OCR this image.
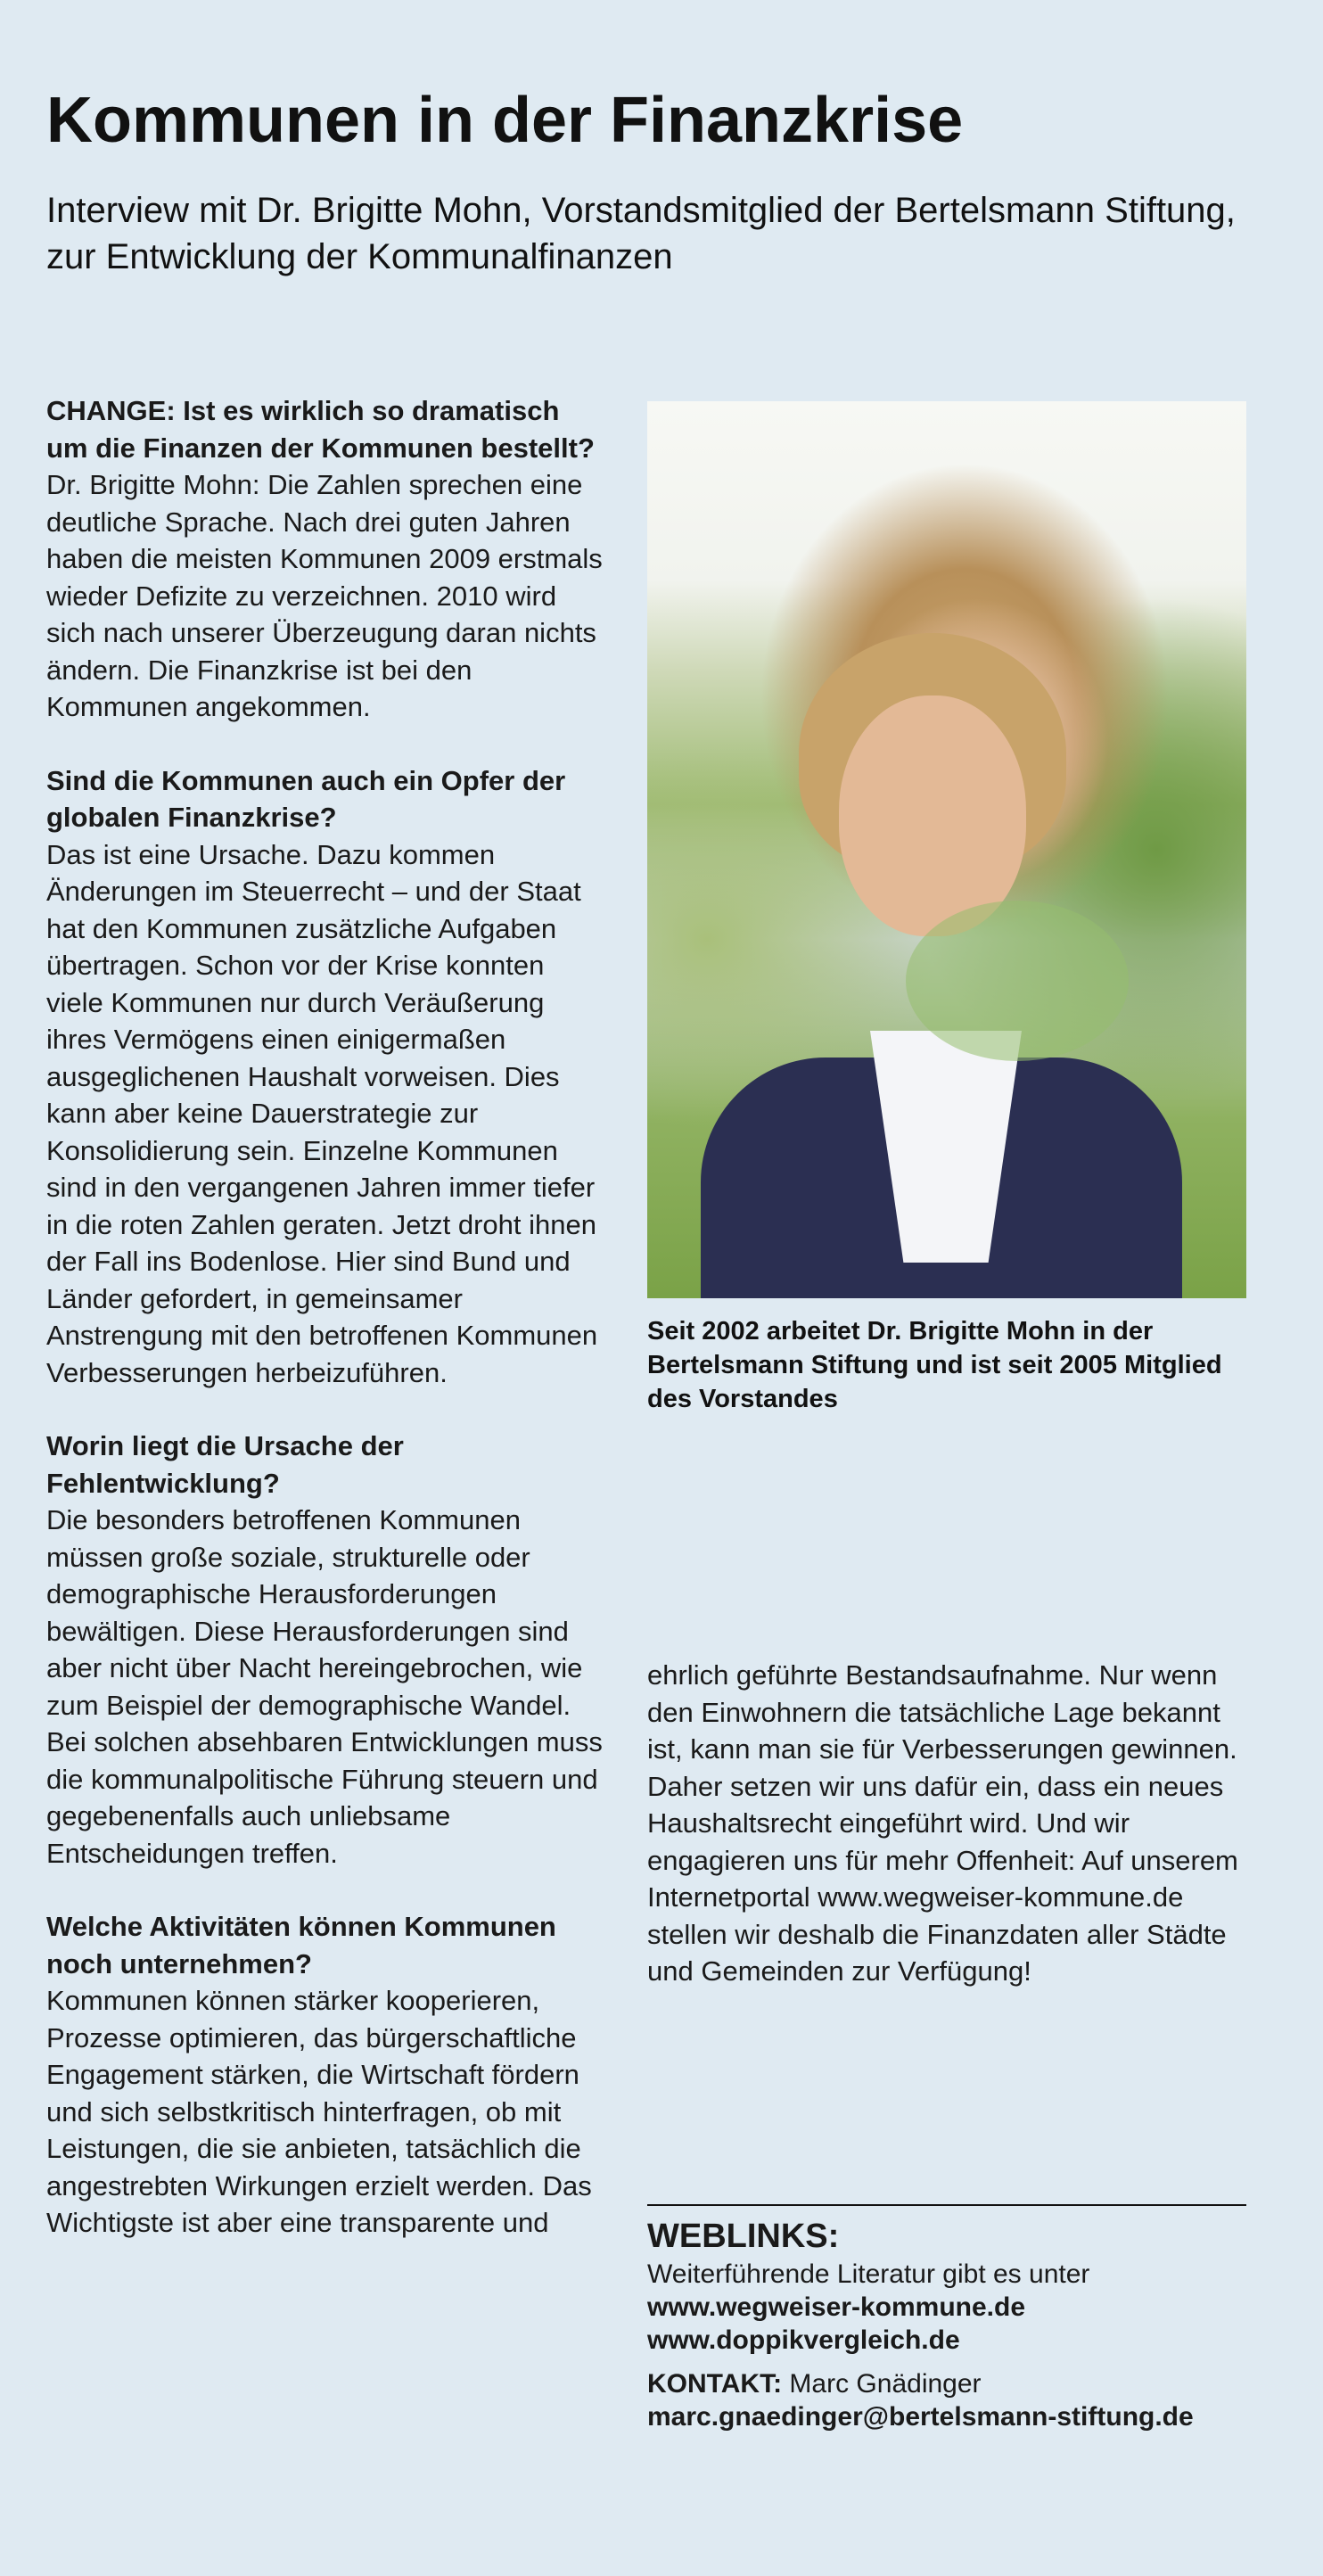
Kommunen in der Finanzkrise
Interview mit Dr. Brigitte Mohn, Vorstandsmitglied der Bertelsmann Stiftung, zur Entwicklung der Kommunalfinanzen

CHANGE: Ist es wirklich so dramatisch um die Finanzen der Kommunen bestellt?

Dr. Brigitte Mohn: Die Zahlen sprechen eine deutliche Sprache. Nach drei guten Jahren haben die meisten Kommunen 2009 erstmals wieder Defizite zu verzeichnen. 2010 wird sich nach unserer Überzeugung daran nichts ändern. Die Finanzkrise ist bei den Kommunen angekommen.

Sind die Kommunen auch ein Opfer der globalen Finanzkrise?

Das ist eine Ursache. Dazu kommen Änderungen im Steuerrecht – und der Staat hat den Kommunen zusätzliche Aufgaben übertragen. Schon vor der Krise konnten viele Kommunen nur durch Veräußerung ihres Vermögens einen einigermaßen ausgeglichenen Haushalt vorweisen. Dies kann aber keine Dauerstrategie zur Konsolidierung sein. Einzelne Kommunen sind in den vergangenen Jahren immer tiefer in die roten Zahlen geraten. Jetzt droht ihnen der Fall ins Bodenlose. Hier sind Bund und Länder gefordert, in gemeinsamer Anstrengung mit den betroffenen Kommunen Verbesserungen herbeizuführen.

Worin liegt die Ursache der Fehlentwicklung?

Die besonders betroffenen Kommunen müssen große soziale, strukturelle oder demographische Herausforderungen bewältigen. Diese Herausforderungen sind aber nicht über Nacht hereingebrochen, wie zum Beispiel der demographische Wandel. Bei solchen absehbaren Entwicklungen muss die kommunalpolitische Führung steuern und gegebenenfalls auch unliebsame Entscheidungen treffen.

Welche Aktivitäten können Kommunen noch unternehmen?

Kommunen können stärker kooperieren, Prozesse optimieren, das bürgerschaftliche Engagement stärken, die Wirtschaft fördern und sich selbstkritisch hinterfragen, ob mit Leistungen, die sie anbieten, tatsächlich die angestrebten Wirkungen erzielt werden. Das Wichtigste ist aber eine transparente und

Seit 2002 arbeitet Dr. Brigitte Mohn in der Bertelsmann Stiftung und ist seit 2005 Mitglied des Vorstandes

ehrlich geführte Bestandsaufnahme. Nur wenn den Einwohnern die tatsächliche Lage bekannt ist, kann man sie für Verbesserungen gewinnen. Daher setzen wir uns dafür ein, dass ein neues Haushaltsrecht eingeführt wird. Und wir engagieren uns für mehr Offenheit: Auf unserem Internetportal www.wegweiser-kommune.de stellen wir deshalb die Finanzdaten aller Städte und Gemeinden zur Verfügung!

WEBLINKS:

Weiterführende Literatur gibt es unter

www.wegweiser-kommune.de

www.doppikvergleich.de

KONTAKT: Marc Gnädinger

marc.gnaedinger@bertelsmann-stiftung.de
